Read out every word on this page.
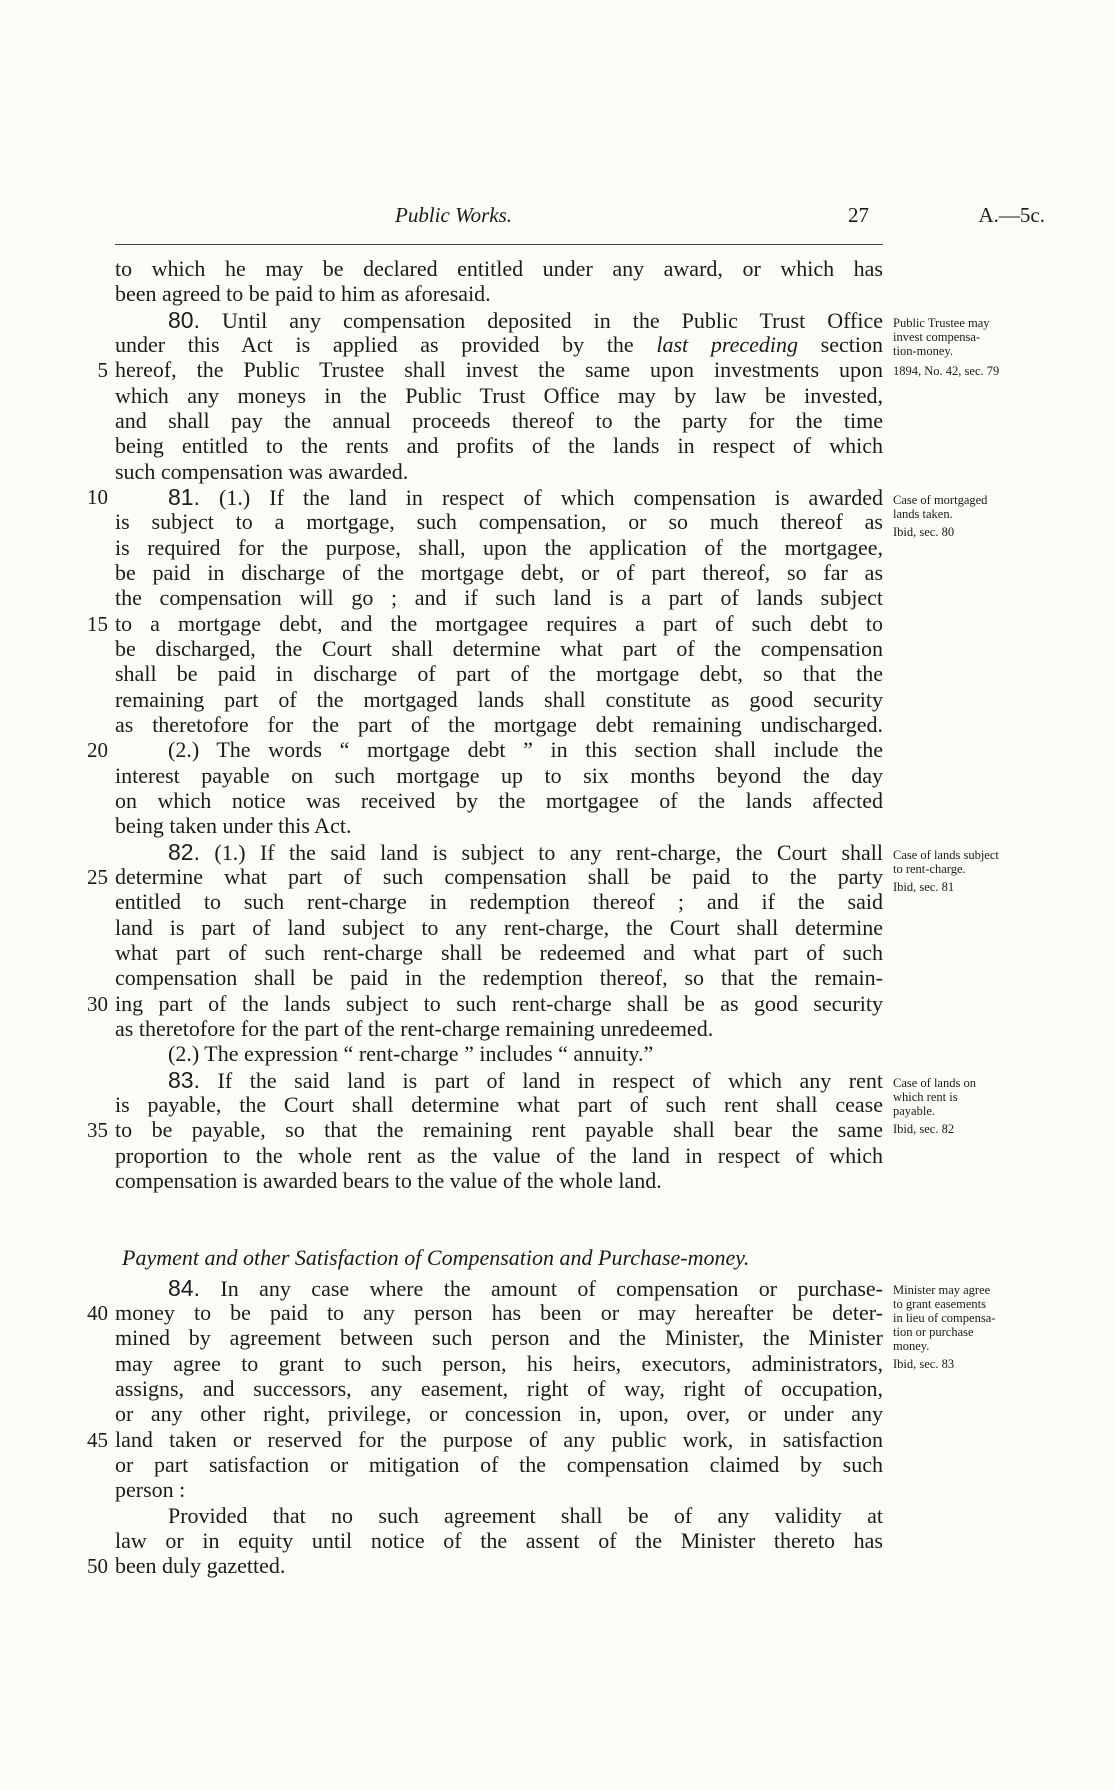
Public Works.	27	A.—5c.
to which he may be declared entitled under any award, or which has
been agreed to be paid to him as aforesaid.
80. Until any compensation deposited in the Public Trust Office
under this Act is applied as provided by the last preceding section
hereof, the Public Trustee shall invest the same upon investments upon
which any moneys in the Public Trust Office may by law be invested,
and shall pay the annual proceeds thereof to the party for the time
being entitled to the rents and profits of the lands in respect of which
such compensation was awarded.
81. (1.) If the land in respect of which compensation is awarded
is subject to a mortgage, such compensation, or so much thereof as
is required for the purpose, shall, upon the application of the mortgagee,
be paid in discharge of the mortgage debt, or of part thereof, so far as
the compensation will go ; and if such land is a part of lands subject
to a mortgage debt, and the mortgagee requires a part of such debt to
be discharged, the Court shall determine what part of the compensation
shall be paid in discharge of part of the mortgage debt, so that the
remaining part of the mortgaged lands shall constitute as good security
as theretofore for the part of the mortgage debt remaining undischarged.
(2.) The words “ mortgage debt ” in this section shall include the
interest payable on such mortgage up to six months beyond the day
on which notice was received by the mortgagee of the lands affected
being taken under this Act.
82. (1.) If the said land is subject to any rent-charge, the Court shall
determine what part of such compensation shall be paid to the party
entitled to such rent-charge in redemption thereof ; and if the said
land is part of land subject to any rent-charge, the Court shall determine
what part of such rent-charge shall be redeemed and what part of such
compensation shall be paid in the redemption thereof, so that the remain-
ing part of the lands subject to such rent-charge shall be as good security
as theretofore for the part of the rent-charge remaining unredeemed.
(2.) The expression “ rent-charge ” includes “ annuity.”
83. If the said land is part of land in respect of which any rent
is payable, the Court shall determine what part of such rent shall cease
to be payable, so that the remaining rent payable shall bear the same
proportion to the whole rent as the value of the land in respect of which
compensation is awarded bears to the value of the whole land.
Payment and other Satisfaction of Compensation and Purchase-money.
84. In any case where the amount of compensation or purchase-
money to be paid to any person has been or may hereafter be deter-
mined by agreement between such person and the Minister, the Minister
may agree to grant to such person, his heirs, executors, administrators,
assigns, and successors, any easement, right of way, right of occupation,
or any other right, privilege, or concession in, upon, over, or under any
land taken or reserved for the purpose of any public work, in satisfaction
or part satisfaction or mitigation of the compensation claimed by such
person :
Provided that no such agreement shall be of any validity at
law or in equity until notice of the assent of the Minister thereto has
been duly gazetted.
5
10
15
20
25
30
35
40
45
50
Public Trustee may
invest compensa-
tion-money.
1894, No. 42, sec. 79
Case of mortgaged
lands taken.
Ibid, sec. 80
Case of lands subject
to rent-charge.
Ibid, sec. 81
Case of lands on
which rent is
payable.
Ibid, sec. 82
Minister may agree
to grant easements
in lieu of compensa-
tion or purchase
money.
Ibid, sec. 83
